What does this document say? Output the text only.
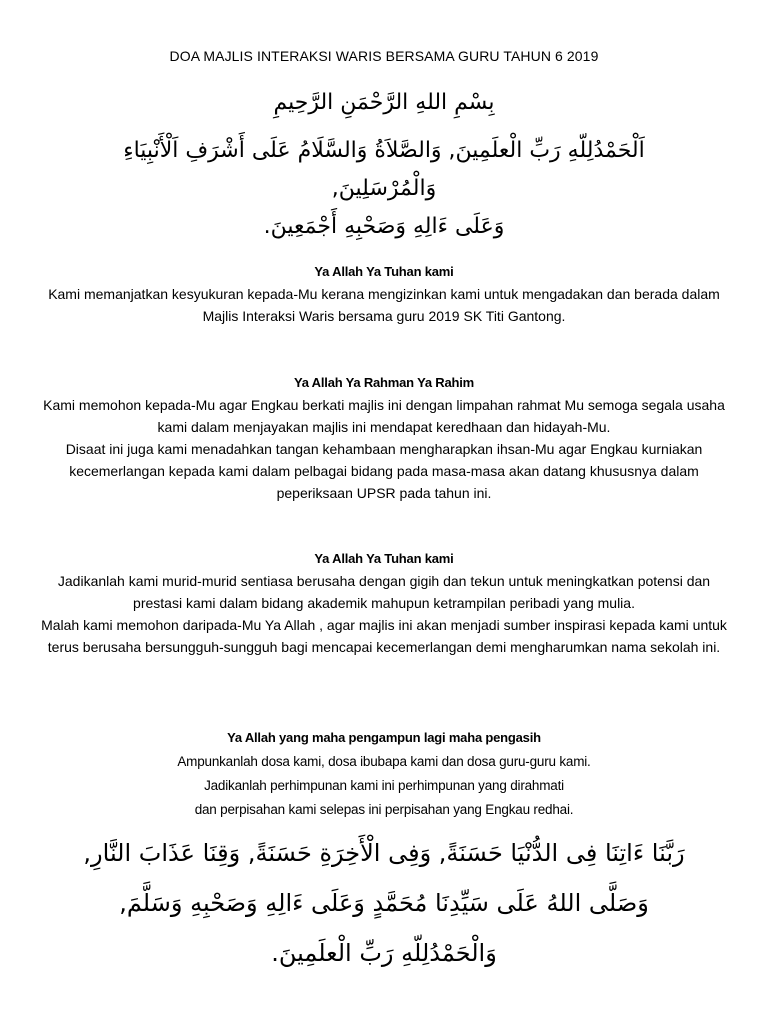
DOA MAJLIS INTERAKSI WARIS BERSAMA GURU TAHUN 6 2019
بِسْمِ اللهِ الرَّحْمَنِ الرَّحِيمِ
اَلْحَمْدُلِلّهِ رَبِّ الْعلَمِينَ, وَالصَّلاَةُ وَالسَّلَامُ عَلَى أَشْرَفِ اَلْأَنْبِيَاءِ
وَالْمُرْسَلِينَ,
وَعَلَى ءَالِهِ وَصَحْبِهِ أَجْمَعِينَ.
Ya Allah Ya Tuhan kami
Kami memanjatkan kesyukuran kepada-Mu kerana mengizinkan kami untuk mengadakan dan berada dalam Majlis Interaksi Waris bersama guru 2019 SK Titi Gantong.
Ya Allah Ya Rahman Ya Rahim
Kami memohon kepada-Mu agar Engkau berkati majlis ini dengan limpahan rahmat Mu semoga segala usaha kami dalam menjayakan majlis ini mendapat keredhaan dan hidayah-Mu.
Disaat ini juga kami menadahkan tangan kehambaan mengharapkan ihsan-Mu agar Engkau kurniakan kecemerlangan kepada kami dalam pelbagai bidang pada masa-masa akan datang khususnya dalam peperiksaan UPSR pada tahun ini.
Ya Allah Ya Tuhan kami
Jadikanlah kami murid-murid sentiasa berusaha dengan gigih dan tekun untuk meningkatkan potensi dan prestasi kami dalam bidang akademik mahupun ketrampilan peribadi yang mulia.
Malah kami memohon daripada-Mu Ya Allah , agar majlis ini akan menjadi sumber inspirasi kepada kami untuk terus berusaha bersungguh-sungguh bagi mencapai kecemerlangan demi mengharumkan nama sekolah ini.
Ya Allah yang maha pengampun lagi maha pengasih
Ampunkanlah dosa kami, dosa ibubapa kami dan dosa guru-guru kami.
Jadikanlah perhimpunan kami ini perhimpunan yang dirahmati
dan perpisahan kami selepas ini perpisahan yang Engkau redhai.
رَبَّنَا ءَاتِنَا فِى الدُّنْيَا حَسَنَةً, وَفِى الْأَخِرَةِ حَسَنَةً, وَقِنَا عَذَابَ النَّارِ,
وَصَلَّى اللهُ عَلَى سَيِّدِنَا مُحَمَّدٍ وَعَلَى ءَالِهِ وَصَحْبِهِ وَسَلَّمَ,
وَالْحَمْدُلِلّهِ رَبِّ الْعلَمِينَ.
